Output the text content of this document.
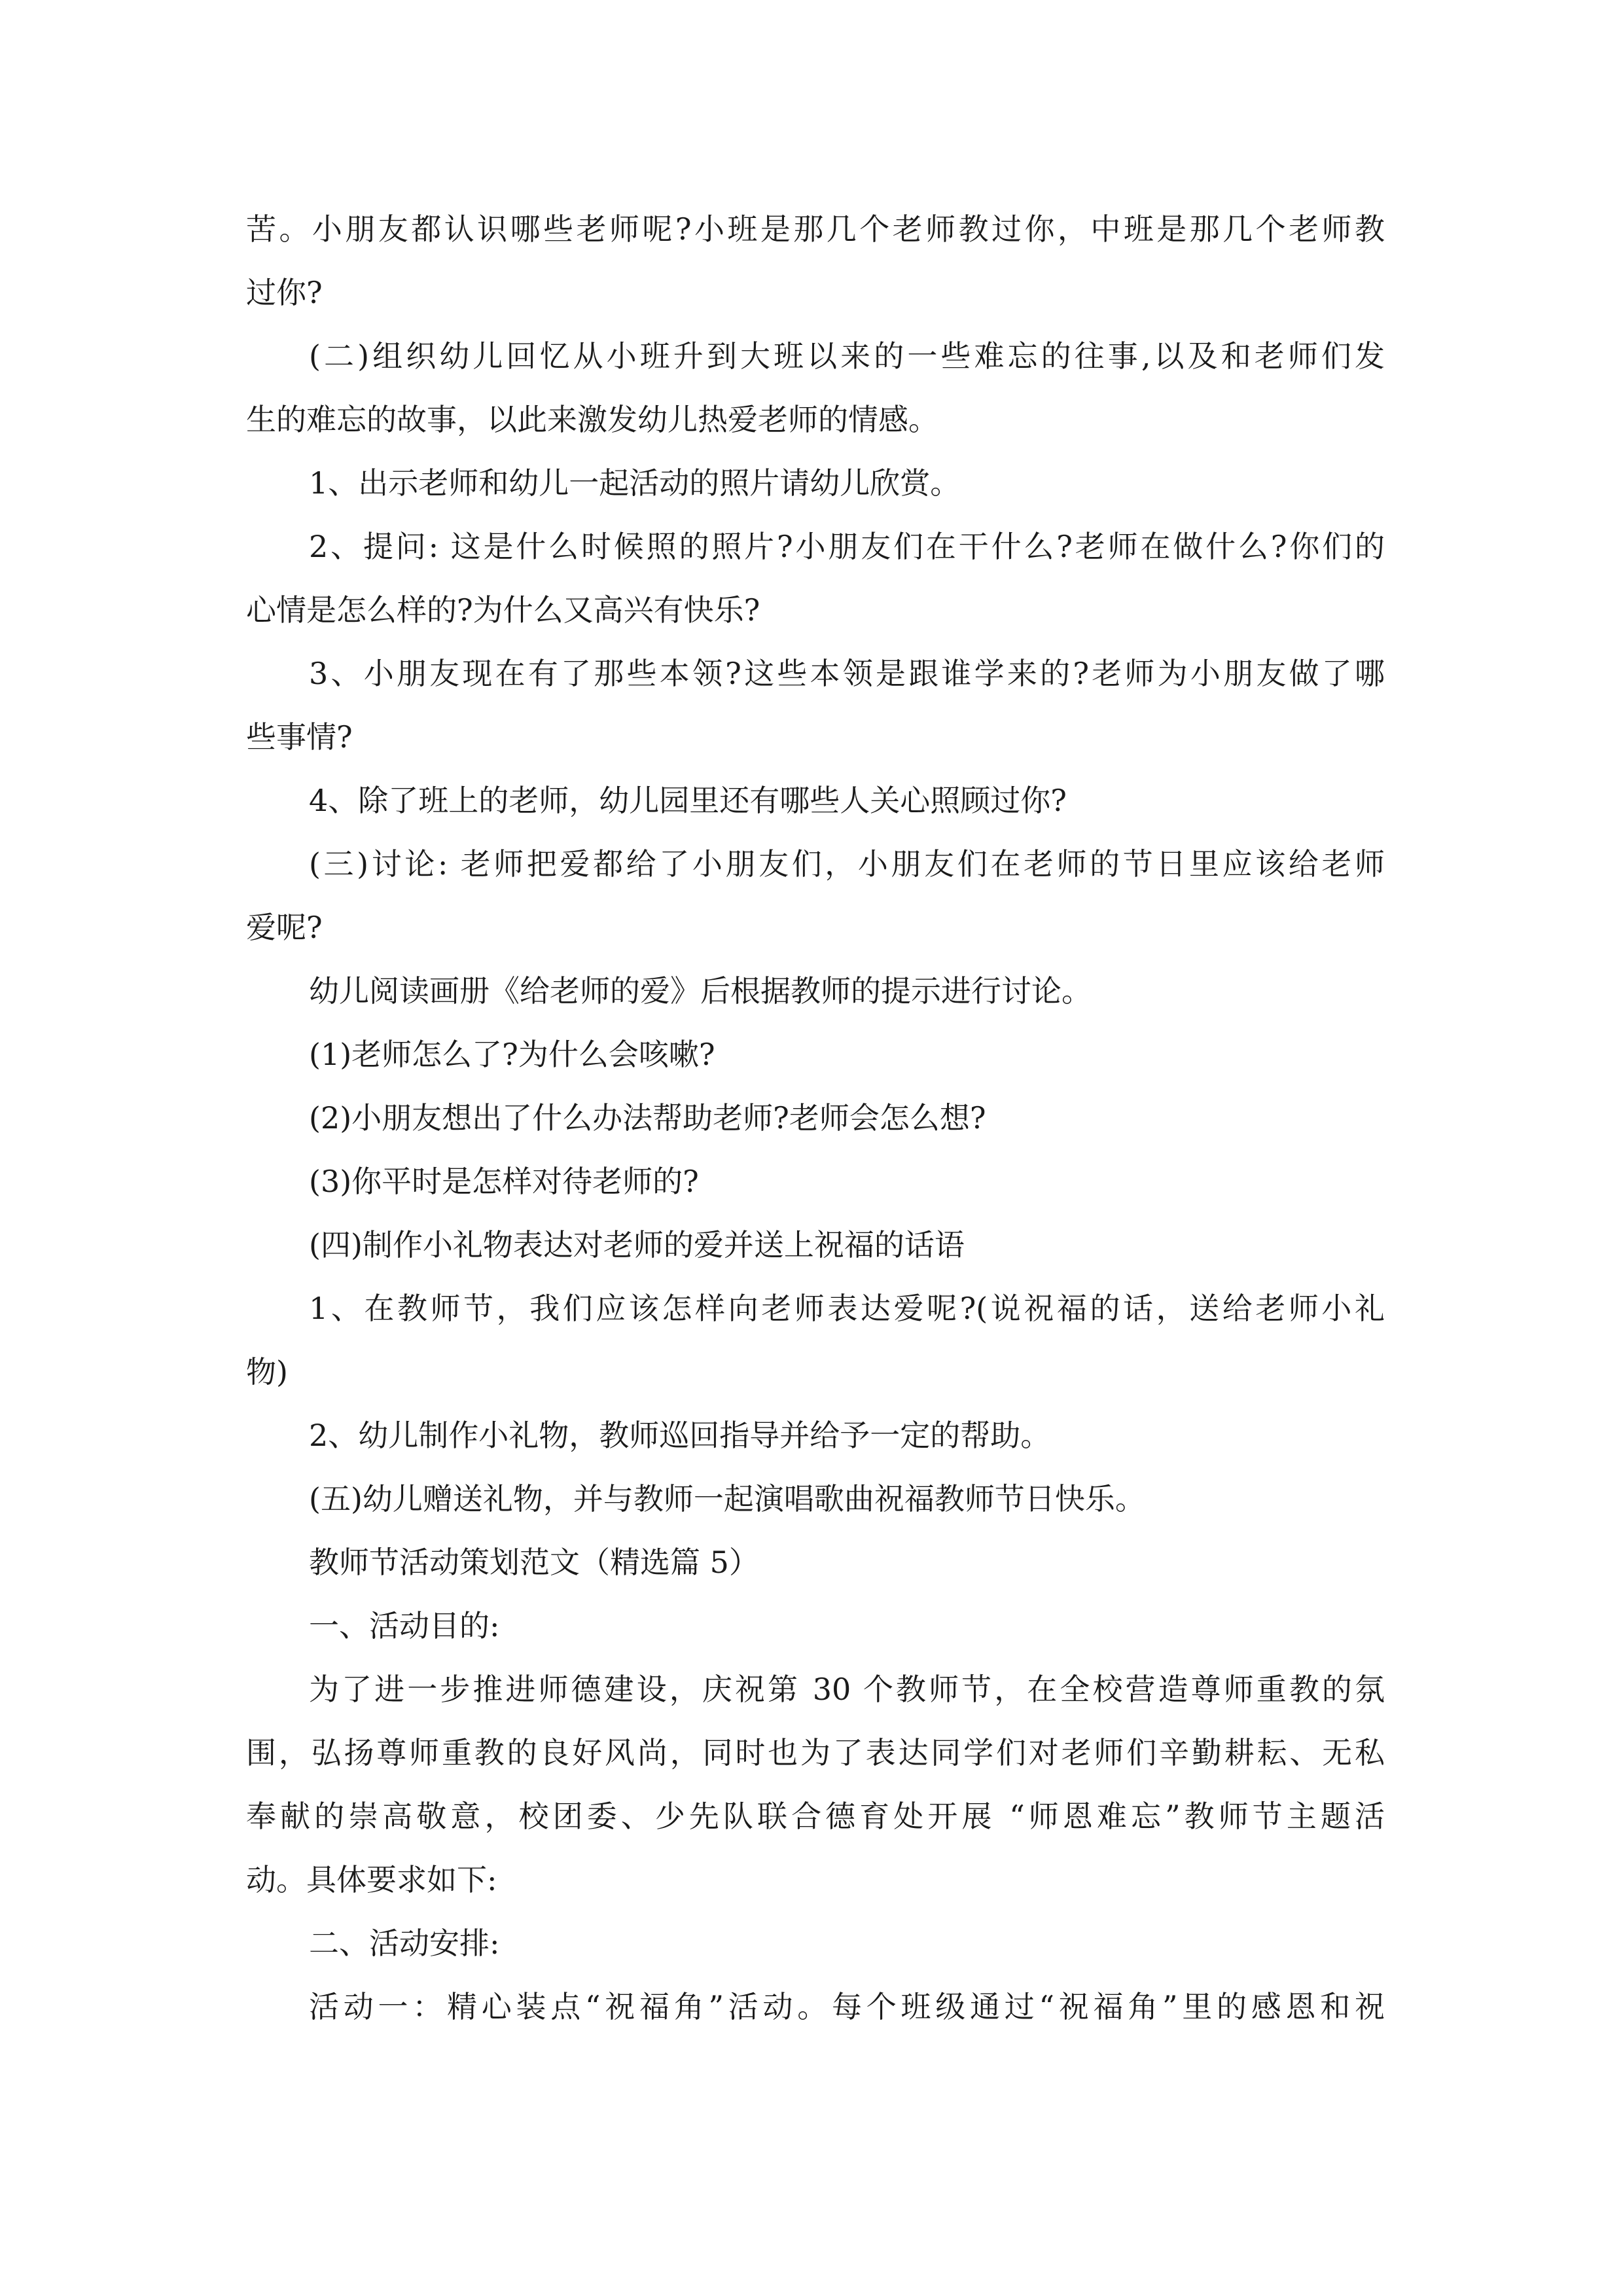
苦。小朋友都认识哪些老师呢?小班是那几个老师教过你，中班是那几个老师教
过你?
(二)组织幼儿回忆从小班升到大班以来的一些难忘的往事,以及和老师们发
生的难忘的故事，以此来激发幼儿热爱老师的情感。
1、出示老师和幼儿一起活动的照片请幼儿欣赏。
2、提问: 这是什么时候照的照片?小朋友们在干什么?老师在做什么?你们的
心情是怎么样的?为什么又高兴有快乐?
3、小朋友现在有了那些本领?这些本领是跟谁学来的?老师为小朋友做了哪
些事情?
4、除了班上的老师，幼儿园里还有哪些人关心照顾过你?
(三)讨论: 老师把爱都给了小朋友们，小朋友们在老师的节日里应该给老师
爱呢?
幼儿阅读画册《给老师的爱》后根据教师的提示进行讨论。
(1)老师怎么了?为什么会咳嗽?
(2)小朋友想出了什么办法帮助老师?老师会怎么想?
(3)你平时是怎样对待老师的?
(四)制作小礼物表达对老师的爱并送上祝福的话语
1、在教师节，我们应该怎样向老师表达爱呢?(说祝福的话，送给老师小礼
物)
2、幼儿制作小礼物，教师巡回指导并给予一定的帮助。
(五)幼儿赠送礼物，并与教师一起演唱歌曲祝福教师节日快乐。
教师节活动策划范文（精选篇 5）
一、活动目的:
为了进一步推进师德建设，庆祝第 30 个教师节，在全校营造尊师重教的氛
围，弘扬尊师重教的良好风尚，同时也为了表达同学们对老师们辛勤耕耘、无私
奉献的崇高敬意，校团委、少先队联合德育处开展 “师恩难忘”教师节主题活
动。具体要求如下:
二、活动安排:
活动一：精心装点“祝福角”活动。每个班级通过“祝福角”里的感恩和祝
